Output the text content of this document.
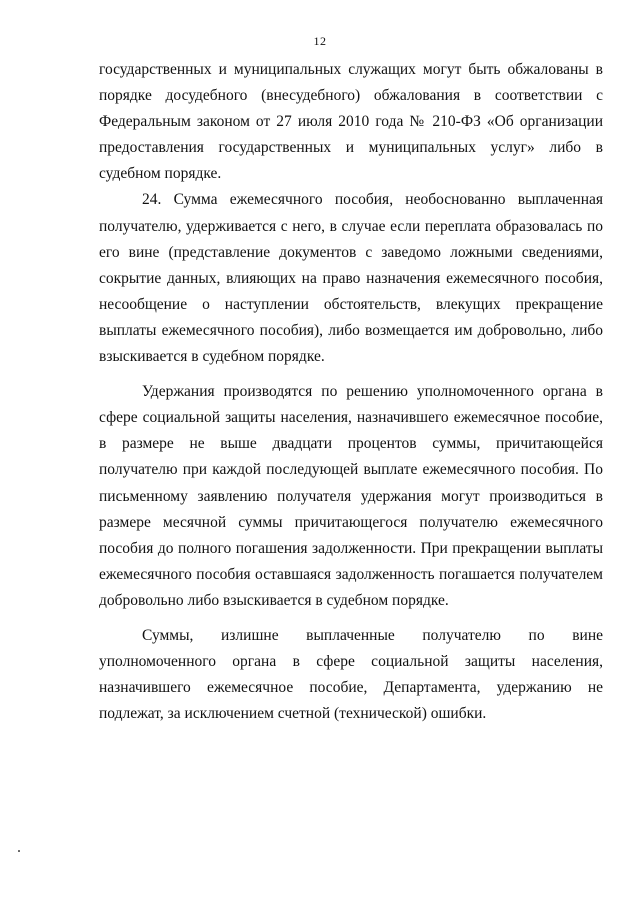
12

государственных и муниципальных служащих могут быть обжалованы в порядке досудебного (внесудебного) обжалования в соответствии с Федеральным законом от 27 июля 2010 года № 210-ФЗ «Об организации предоставления государственных и муниципальных услуг» либо в судебном порядке.

24. Сумма ежемесячного пособия, необоснованно выплаченная получателю, удерживается с него, в случае если переплата образовалась по его вине (представление документов с заведомо ложными сведениями, сокрытие данных, влияющих на право назначения ежемесячного пособия, несообщение о наступлении обстоятельств, влекущих прекращение выплаты ежемесячного пособия), либо возмещается им добровольно, либо взыскивается в судебном порядке.

Удержания производятся по решению уполномоченного органа в сфере социальной защиты населения, назначившего ежемесячное пособие, в размере не выше двадцати процентов суммы, причитающейся получателю при каждой последующей выплате ежемесячного пособия. По письменному заявлению получателя удержания могут производиться в размере месячной суммы причитающегося получателю ежемесячного пособия до полного погашения задолженности. При прекращении выплаты ежемесячного пособия оставшаяся задолженность погашается получателем добровольно либо взыскивается в судебном порядке.

Суммы, излишне выплаченные получателю по вине уполномоченного органа в сфере социальной защиты населения, назначившего ежемесячное пособие, Департамента, удержанию не подлежат, за исключением счетной (технической) ошибки.
